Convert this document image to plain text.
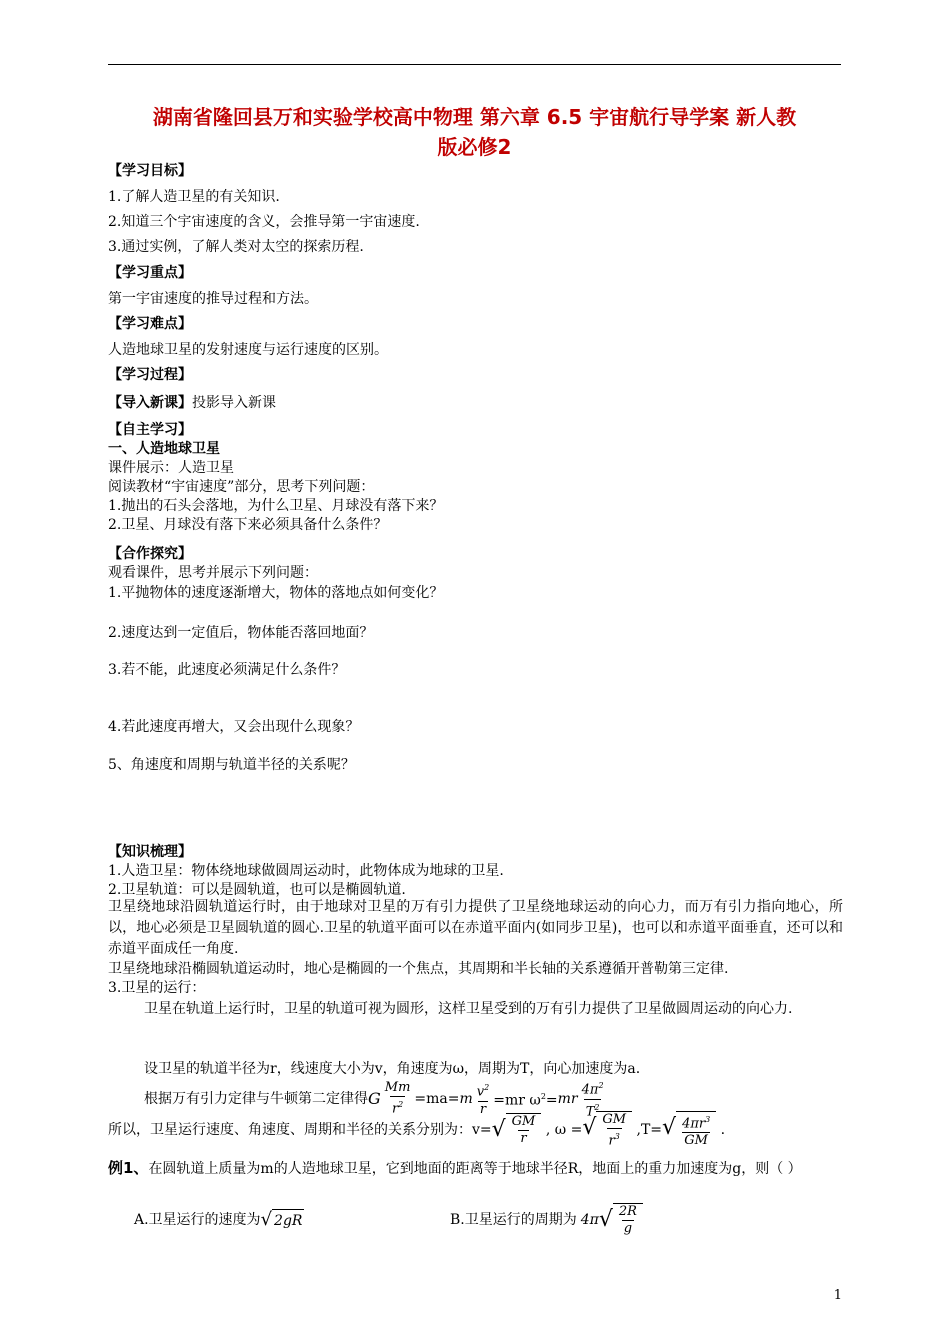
湖南省隆回县万和实验学校高中物理 第六章 6.5 宇宙航行导学案 新人教
版必修2
【学习目标】
1.了解人造卫星的有关知识.
2.知道三个宇宙速度的含义，会推导第一宇宙速度.
3.通过实例，了解人类对太空的探索历程.
【学习重点】
第一宇宙速度的推导过程和方法。
【学习难点】
人造地球卫星的发射速度与运行速度的区别。
【学习过程】
【导入新课】投影导入新课
【自主学习】
一、人造地球卫星
课件展示：人造卫星
阅读教材“宇宙速度”部分，思考下列问题：
1.抛出的石头会落地，为什么卫星、月球没有落下来？
2.卫星、月球没有落下来必须具备什么条件？
【合作探究】
观看课件，思考并展示下列问题：
1.平抛物体的速度逐渐增大，物体的落地点如何变化？
2.速度达到一定值后，物体能否落回地面？
3.若不能，此速度必须满足什么条件？
4.若此速度再增大，又会出现什么现象？
5、角速度和周期与轨道半径的关系呢？
【知识梳理】
1.人造卫星：物体绕地球做圆周运动时，此物体成为地球的卫星.
2.卫星轨道：可以是圆轨道，也可以是椭圆轨道.
卫星绕地球沿圆轨道运行时，由于地球对卫星的万有引力提供了卫星绕地球运动的向心力，而万有引力指向地心，所以，地心必须是卫星圆轨道的圆心.卫星的轨道平面可以在赤道平面内(如同步卫星)，也可以和赤道平面垂直，还可以和赤道平面成任一角度.
卫星绕地球沿椭圆轨道运动时，地心是椭圆的一个焦点，其周期和半长轴的关系遵循开普勒第三定律.
3.卫星的运行：
卫星在轨道上运行时，卫星的轨道可视为圆形，这样卫星受到的万有引力提供了卫星做圆周运动的向心力.
设卫星的轨道半径为r，线速度大小为v，角速度为ω，周期为T，向心加速度为a.
根据万有引力定律与牛顿第二定律得 G $\frac{Mm}{r^2} =ma= m \frac{v^2}{r} =mr$ $\omega^2=$ mr $\frac{4\pi^2}{T^2}$
所以，卫星运行速度、角速度、周期和半径的关系分别为： v= √ $\frac{GM}{r}$ , ω = √ $\frac{GM}{r^3} ,T=$ √ $\frac{4\pi r^3}{GM}$ .
例1、在圆轨道上质量为m的人造地球卫星，它到地面的距离等于地球半径R，地面上的重力加速度为g，则（ ）
A.卫星运行的速度为 √ 2gR	B.卫星运行的周期为 4π √ $\frac{2R}{g}$
1
